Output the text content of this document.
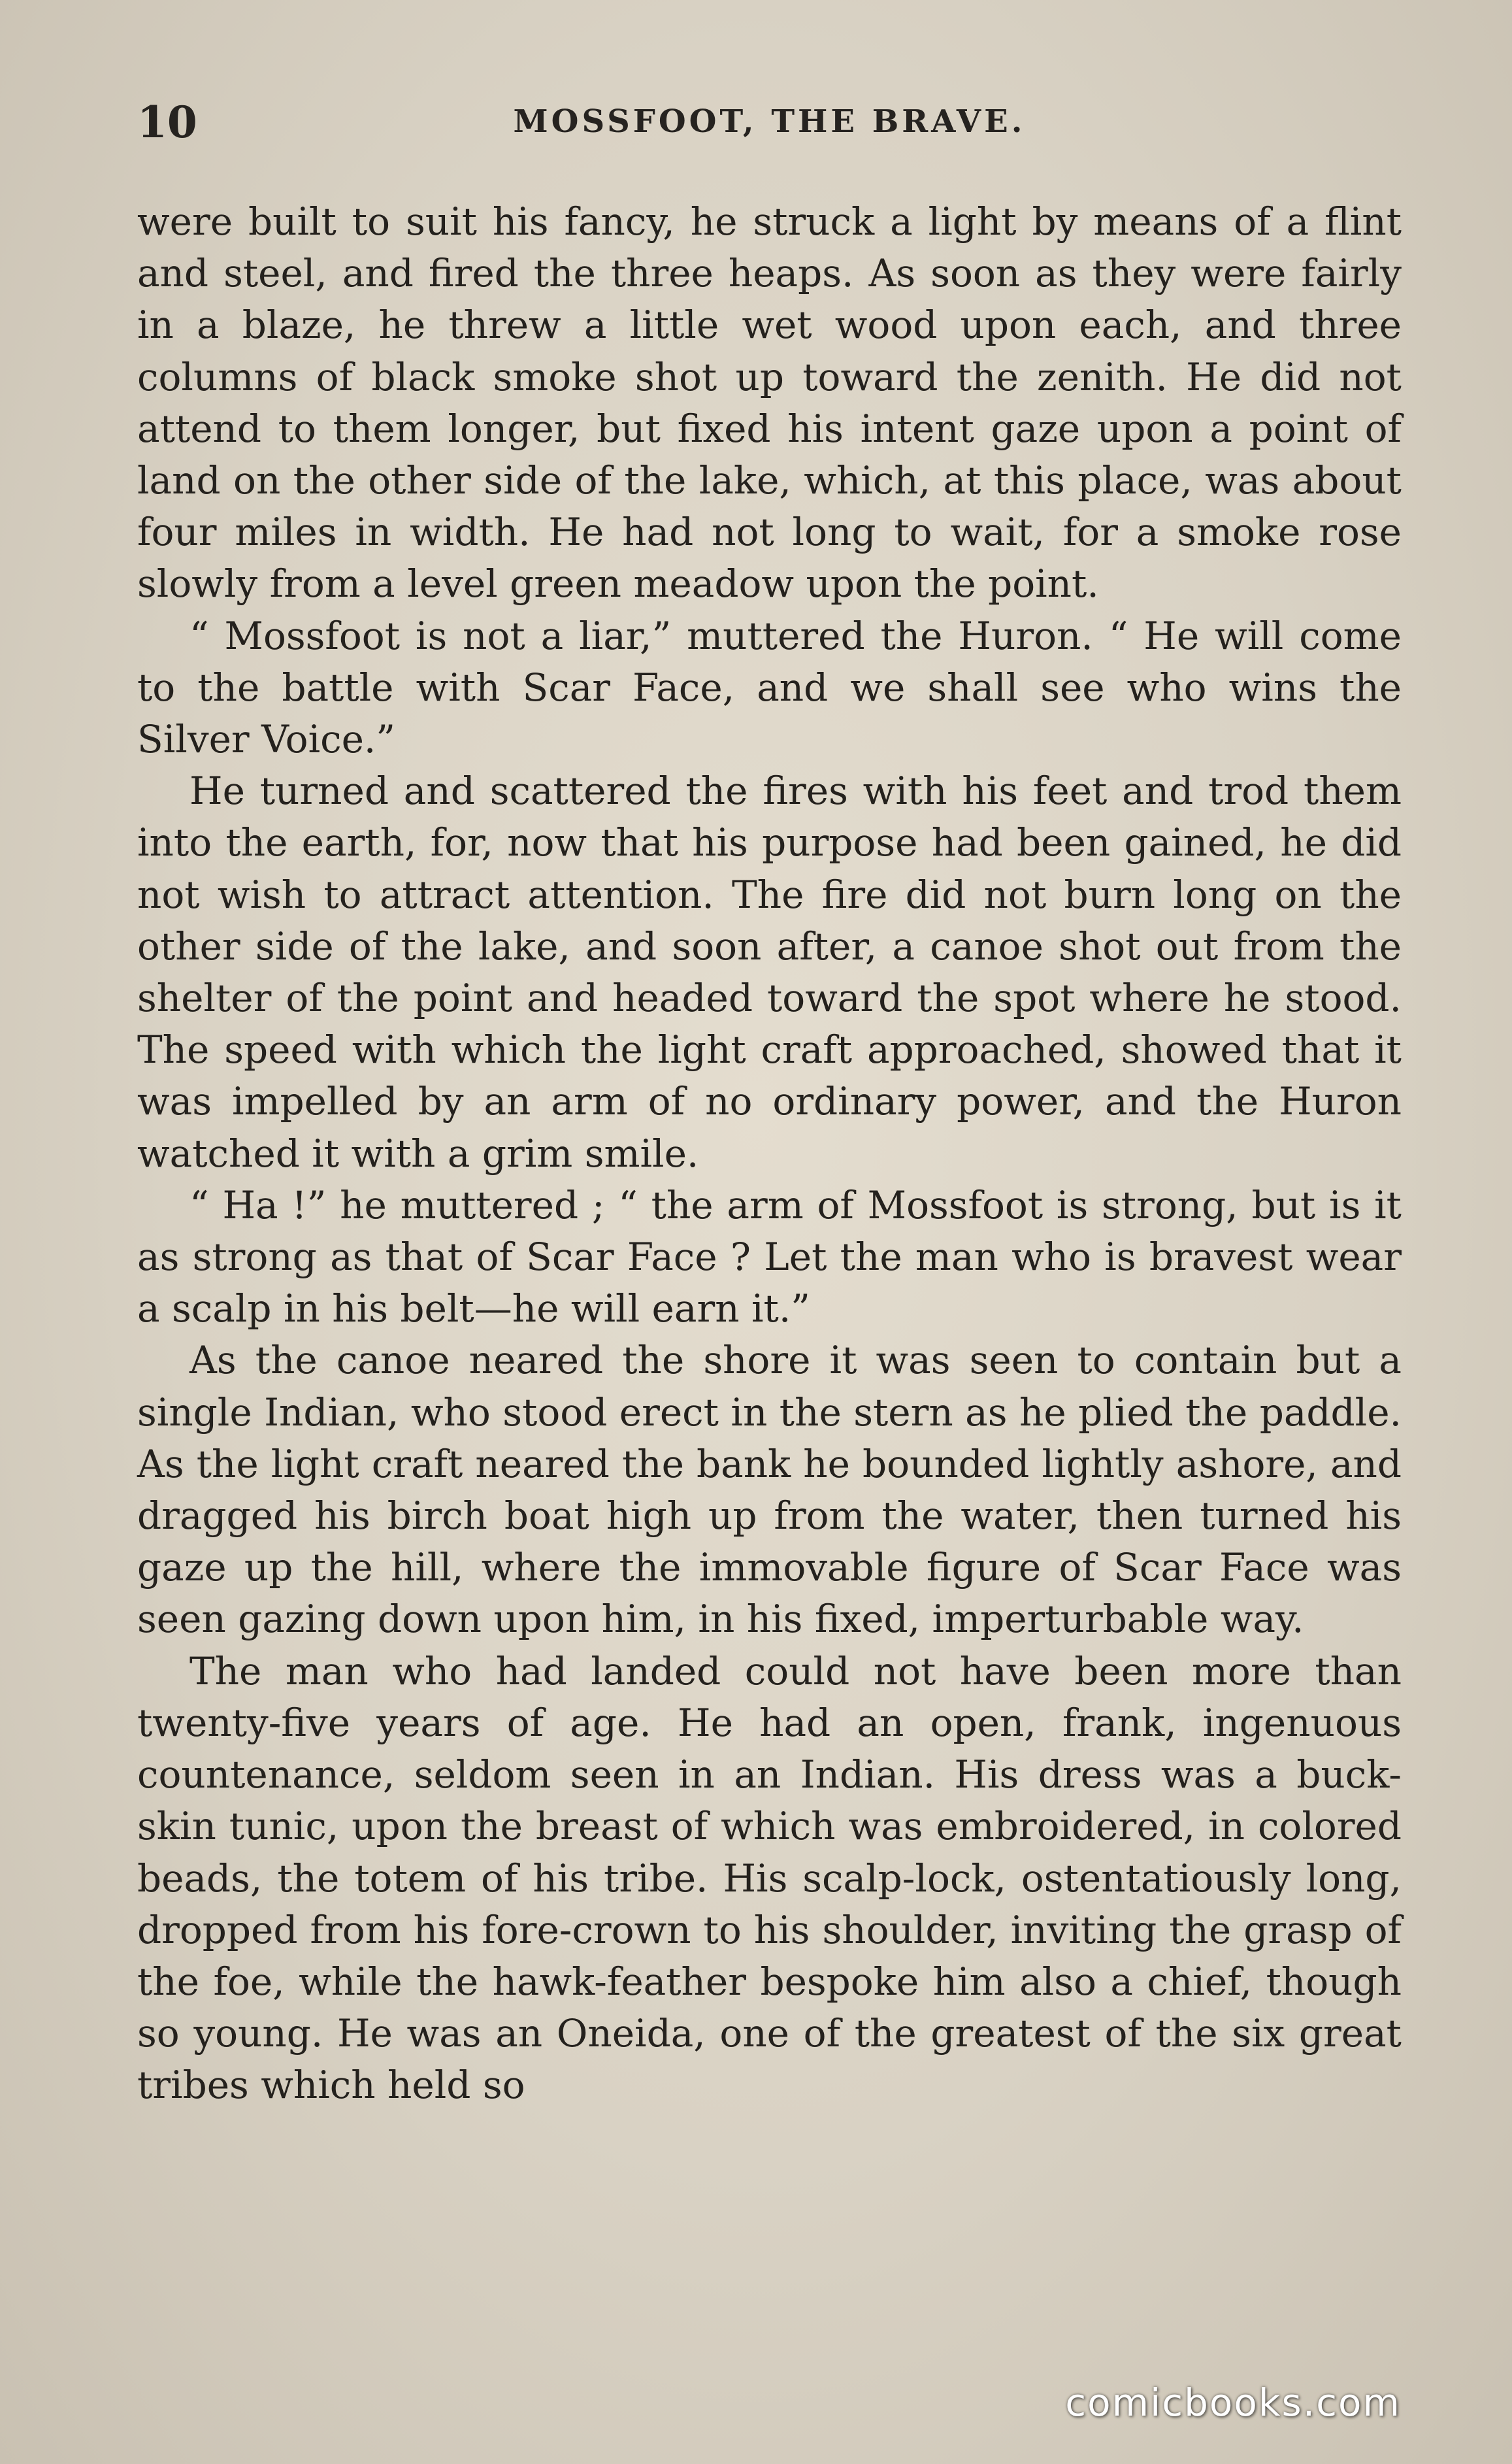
10	MOSSFOOT, THE BRAVE.

were built to suit his fancy, he struck a light by means of a flint and steel, and fired the three heaps. As soon as they were fairly in a blaze, he threw a little wet wood upon each, and three columns of black smoke shot up toward the zenith. He did not attend to them longer, but fixed his intent gaze upon a point of land on the other side of the lake, which, at this place, was about four miles in width. He had not long to wait, for a smoke rose slowly from a level green meadow upon the point.

“ Mossfoot is not a liar,” muttered the Huron. “ He will come to the battle with Scar Face, and we shall see who wins the Silver Voice.”

He turned and scattered the fires with his feet and trod them into the earth, for, now that his purpose had been gained, he did not wish to attract attention. The fire did not burn long on the other side of the lake, and soon after, a canoe shot out from the shelter of the point and headed toward the spot where he stood. The speed with which the light craft approached, showed that it was impelled by an arm of no ordinary power, and the Huron watched it with a grim smile.

“ Ha !” he muttered ; “ the arm of Mossfoot is strong, but is it as strong as that of Scar Face ? Let the man who is bravest wear a scalp in his belt—he will earn it.”

As the canoe neared the shore it was seen to contain but a single Indian, who stood erect in the stern as he plied the paddle. As the light craft neared the bank he bounded lightly ashore, and dragged his birch boat high up from the water, then turned his gaze up the hill, where the immovable figure of Scar Face was seen gazing down upon him, in his fixed, imperturbable way.

The man who had landed could not have been more than twenty-five years of age. He had an open, frank, ingenuous countenance, seldom seen in an Indian. His dress was a buck-skin tunic, upon the breast of which was embroidered, in colored beads, the totem of his tribe. His scalp-lock, ostentatiously long, dropped from his fore-crown to his shoulder, inviting the grasp of the foe, while the hawk-feather bespoke him also a chief, though so young. He was an Oneida, one of the greatest of the six great tribes which held so

comicbooks.com
